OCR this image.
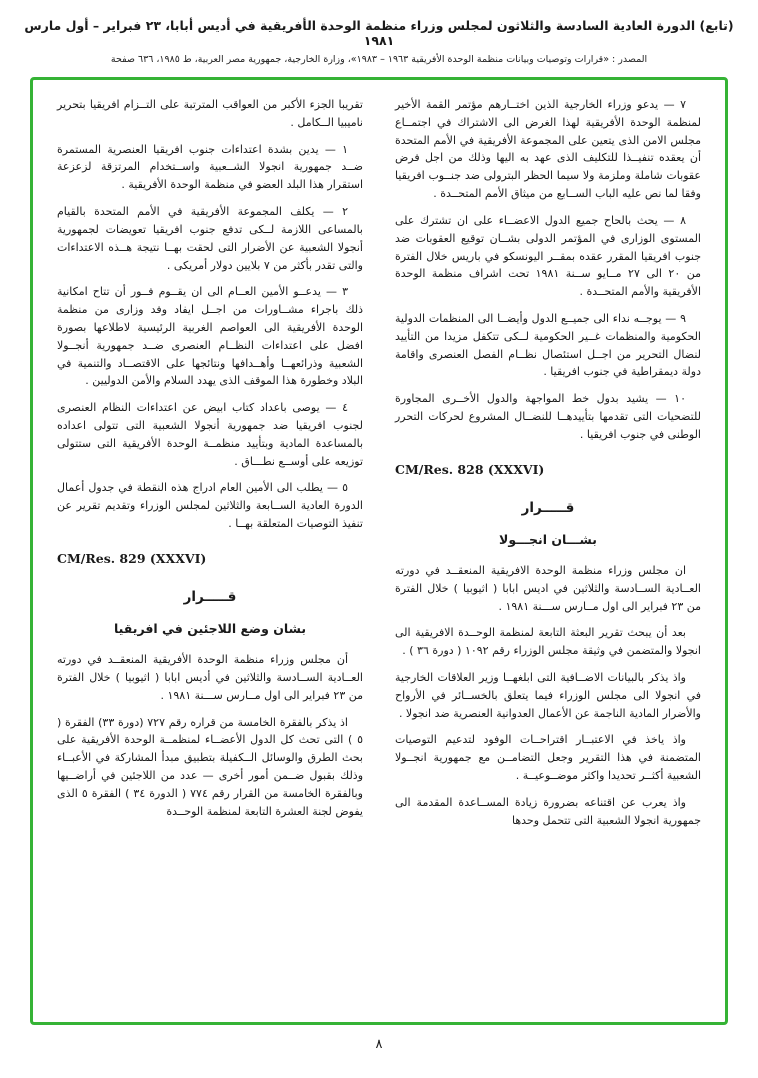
(تابع) الدورة العادية السادسة والثلاثون لمجلس وزراء منظمة الوحدة الأفريقية في أديس أبابا، ٢٣ فبراير – أول مارس ١٩٨١
المصدر : «قرارات وتوصيات وبيانات منظمة الوحدة الأفريقية ١٩٦٣ – ١٩٨٣»، وزارة الخارجية، جمهورية مصر العربية، ط ١٩٨٥، ٦٣٦ صفحة

٧ — يدعو وزراء الخارجية الذين اختــارهم مؤتمر القمة الأخير لمنظمة الوحدة الأفريقية لهذا الغرض الى الاشتراك في اجتمــاع مجلس الامن الذى يتعين على المجموعة الأفريقية في الأمم المتحدة أن يعقده تنفيــذا للتكليف الذى عهد به اليها وذلك من اجل فرض عقوبات شاملة وملزمة ولا سيما الحظر البترولى ضد جنــوب افريقيا وفقا لما نص عليه الباب الســابع من ميثاق الأمم المتحــدة .

٨ — يحث بالحاح جميع الدول الاعضــاء على ان تشترك على المستوى الوزارى في المؤتمر الدولى بشــان توقيع العقوبات ضد جنوب افريقيا المقرر عقده بمقــر اليونسكو في باريس خلال الفترة من ٢٠ الى ٢٧ مــايو ســنة ١٩٨١ تحت اشراف منظمة الوحدة الأفريقية والأمم المتحــدة .

٩ — يوجــه نداء الى جميــع الدول وأيضــا الى المنظمات الدولية الحكومية والمنظمات غــير الحكومية لــكى تتكفل مزيدا من التأييد لنضال التحرير من اجــل استئصال نظــام الفصل العنصرى واقامة دولة ديمقراطية في جنوب افريقيا .

١٠ — يشيد بدول خط المواجهة والدول الأخــرى المجاورة للتضحيات التى تقدمها بتأييدهــا للنضــال المشروع لحركات التحرر الوطنى في جنوب افريقيا .

CM/Res. 828 (XXXVI)

قـــــرار

بشـــان انجـــولا

ان مجلس وزراء منظمة الوحدة الافريقية المنعقــد في دورته العــادية الســادسة والثلاثين في اديس ابابا ( اثيوبيا ) خلال الفترة من ٢٣ فبراير الى اول مــارس ســـنة ١٩٨١ .

بعد أن يبحث تقرير البعثة التابعة لمنظمة الوحــدة الافريقية الى انجولا والمتضمن في وثيقة مجلس الوزراء رقم ١٠٩٢ ( دورة ٣٦ ) .

واذ يذكر بالبيانات الاضــافية التى ابلغهــا وزير العلاقات الخارجية في انجولا الى مجلس الوزراء فيما يتعلق بالخســائر في الأرواح والأضرار المادية الناجمة عن الأعمال العدوانية العنصرية ضد انجولا .

واذ ياخذ في الاعتبــار اقتراحــات الوفود لتدعيم التوصيات المتضمنة في هذا التقرير وجعل التضامــن مع جمهورية انجــولا الشعبية أكثــر تحديدا واكثر موضــوعيــة .

واذ يعرب عن اقتناعه بضرورة زيادة المســاعدة المقدمة الى جمهورية انجولا الشعبية التى تتحمل وحدها

تقريبا الجزء الأكبر من العواقب المترتبة على التــزام افريقيا بتحرير ناميبيا الــكامل .

١ — يدين بشدة اعتداءات جنوب افريقيا العنصرية المستمرة ضــد جمهورية انجولا الشــعبية واســتخدام المرتزقة لزعزعة استقرار هذا البلد العضو في منظمة الوحدة الأفريقية .

٢ — يكلف المجموعة الأفريقية في الأمم المتحدة بالقيام بالمساعى اللازمة لــكى تدفع جنوب افريقيا تعويضات لجمهورية أنجولا الشعبية عن الأضرار التى لحقت بهــا نتيجة هــذه الاعتداءات والتى تقدر بأكثر من ٧ بلايين دولار أمريكى .

٣ — يدعــو الأمين العــام الى ان يقــوم فــور أن تتاح امكانية ذلك باجراء مشــاورات من اجــل ايفاد وفد وزارى من منظمة الوحدة الأفريقية الى العواصم الغربية الرئيسية لاطلاعها بصورة افضل على اعتداءات النظــام العنصرى ضــد جمهورية أنجــولا الشعبية وذرائعهــا وأهــدافها ونتائجها على الاقتصــاد والتنمية في البلاد وخطورة هذا الموقف الذى يهدد السلام والأمن الدوليين .

٤ — يوصى باعداد كتاب ابيض عن اعتداءات النظام العنصرى لجنوب افريقيا ضد جمهورية أنجولا الشعبية التى تتولى اعداده بالمساعدة المادية وبتأييد منظمــة الوحدة الأفريقية التى ستتولى توزيعه على أوســع نطـــاق .

٥ — يطلب الى الأمين العام ادراج هذه النقطة في جدول أعمال الدورة العادية الســابعة والثلاثين لمجلس الوزراء وتقديم تقرير عن تنفيذ التوصيات المتعلقة بهــا .

CM/Res. 829 (XXXVI)

قـــــرار

بشان وضع اللاجئين في افريقيا

أن مجلس وزراء منظمة الوحدة الأفريقية المنعقــد في دورته العــادية الســادسة والثلاثين في أديس ابابا ( اثيوبيا ) خلال الفترة من ٢٣ فبراير الى اول مــارس ســـنة ١٩٨١ .

اذ يذكر بالفقرة الخامسة من قراره رقم ٧٢٧ (دورة ٣٣) الفقرة ( ٥ ) التى تحث كل الدول الأعضــاء لمنظمــة الوحدة الأفريقية على بحث الطرق والوسائل الــكفيلة بتطبيق مبدأ المشاركة في الأعبــاء وذلك بقبول ضــمن أمور أخرى — عدد من اللاجئين في أراضــيها وبالفقرة الخامسة من القرار رقم ٧٧٤ ( الدورة ٣٤ ) الفقرة ٥ الذى يفوض لجنة العشرة التابعة لمنظمة الوحــدة

٨
